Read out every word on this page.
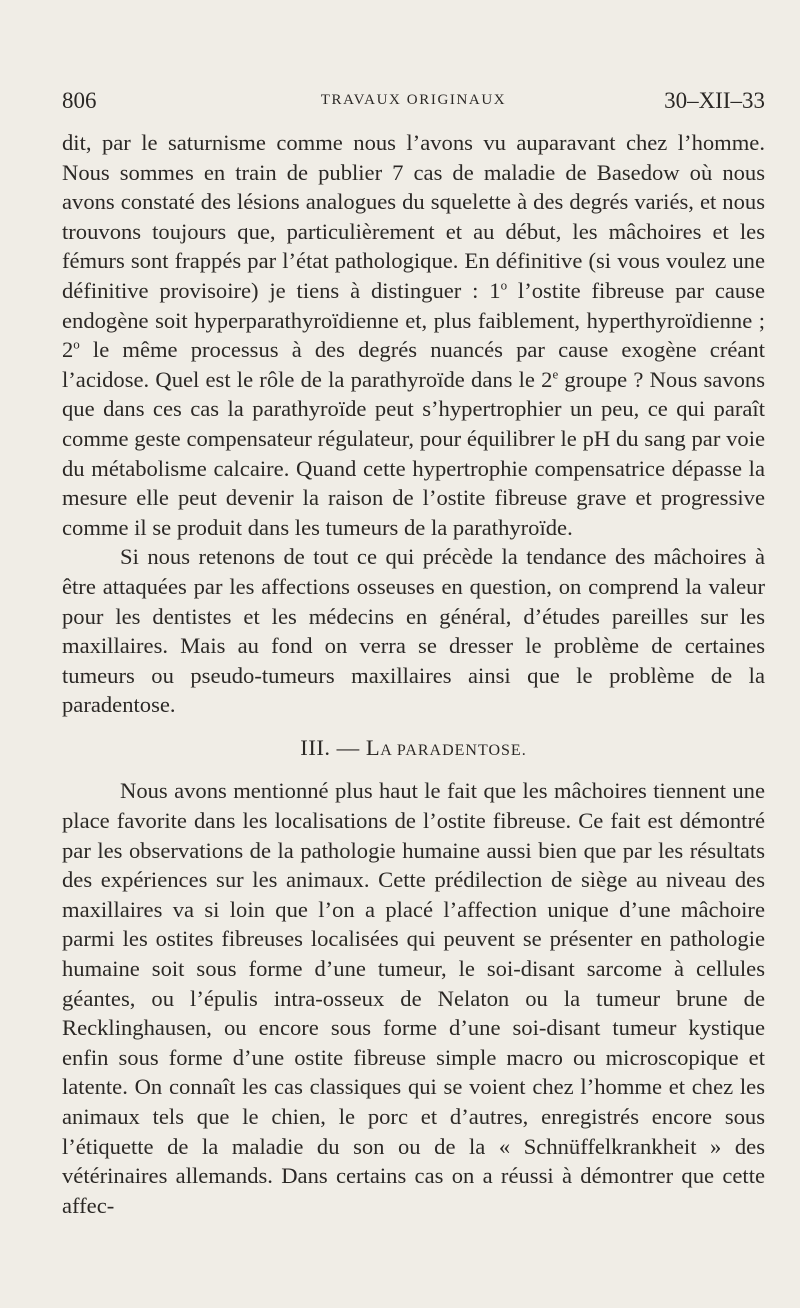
806	TRAVAUX ORIGINAUX	30–XII–33

dit, par le saturnisme comme nous l’avons vu auparavant chez l’homme. Nous sommes en train de publier 7 cas de maladie de Basedow où nous avons constaté des lésions analogues du squelette à des degrés variés, et nous trouvons toujours que, particulièrement et au début, les mâchoires et les fémurs sont frappés par l’état pathologique. En définitive (si vous voulez une définitive provisoire) je tiens à distinguer : 1$^o$ l’ostite fibreuse par cause endogène soit hyperparathyroïdienne et, plus faiblement, hyperthyroïdienne ; 2$^o$ le même processus à des degrés nuancés par cause exogène créant l’acidose. Quel est le rôle de la parathyroïde dans le 2e groupe ? Nous savons que dans ces cas la parathyroïde peut s’hypertrophier un peu, ce qui paraît comme geste compensateur régulateur, pour équilibrer le pH du sang par voie du métabolisme calcaire. Quand cette hypertrophie compensatrice dépasse la mesure elle peut devenir la raison de l’ostite fibreuse grave et progressive comme il se produit dans les tumeurs de la parathyroïde.

Si nous retenons de tout ce qui précède la tendance des mâchoires à être attaquées par les affections osseuses en question, on comprend la valeur pour les dentistes et les médecins en général, d’études pareilles sur les maxillaires. Mais au fond on verra se dresser le problème de certaines tumeurs ou pseudo-tumeurs maxillaires ainsi que le problème de la paradentose.

III. — LA PARADENTOSE.

Nous avons mentionné plus haut le fait que les mâchoires tiennent une place favorite dans les localisations de l’ostite fibreuse. Ce fait est démontré par les observations de la pathologie humaine aussi bien que par les résultats des expériences sur les animaux. Cette prédilection de siège au niveau des maxillaires va si loin que l’on a placé l’affection unique d’une mâchoire parmi les ostites fibreuses localisées qui peuvent se présenter en pathologie humaine soit sous forme d’une tumeur, le soi-disant sarcome à cellules géantes, ou l’épulis intra-osseux de Nelaton ou la tumeur brune de Recklinghausen, ou encore sous forme d’une soi-disant tumeur kystique enfin sous forme d’une ostite fibreuse simple macro ou microscopique et latente. On connaît les cas classiques qui se voient chez l’homme et chez les animaux tels que le chien, le porc et d’autres, enregistrés encore sous l’étiquette de la maladie du son ou de la « Schnüffelkrankheit » des vétérinaires allemands. Dans certains cas on a réussi à démontrer que cette affec-
